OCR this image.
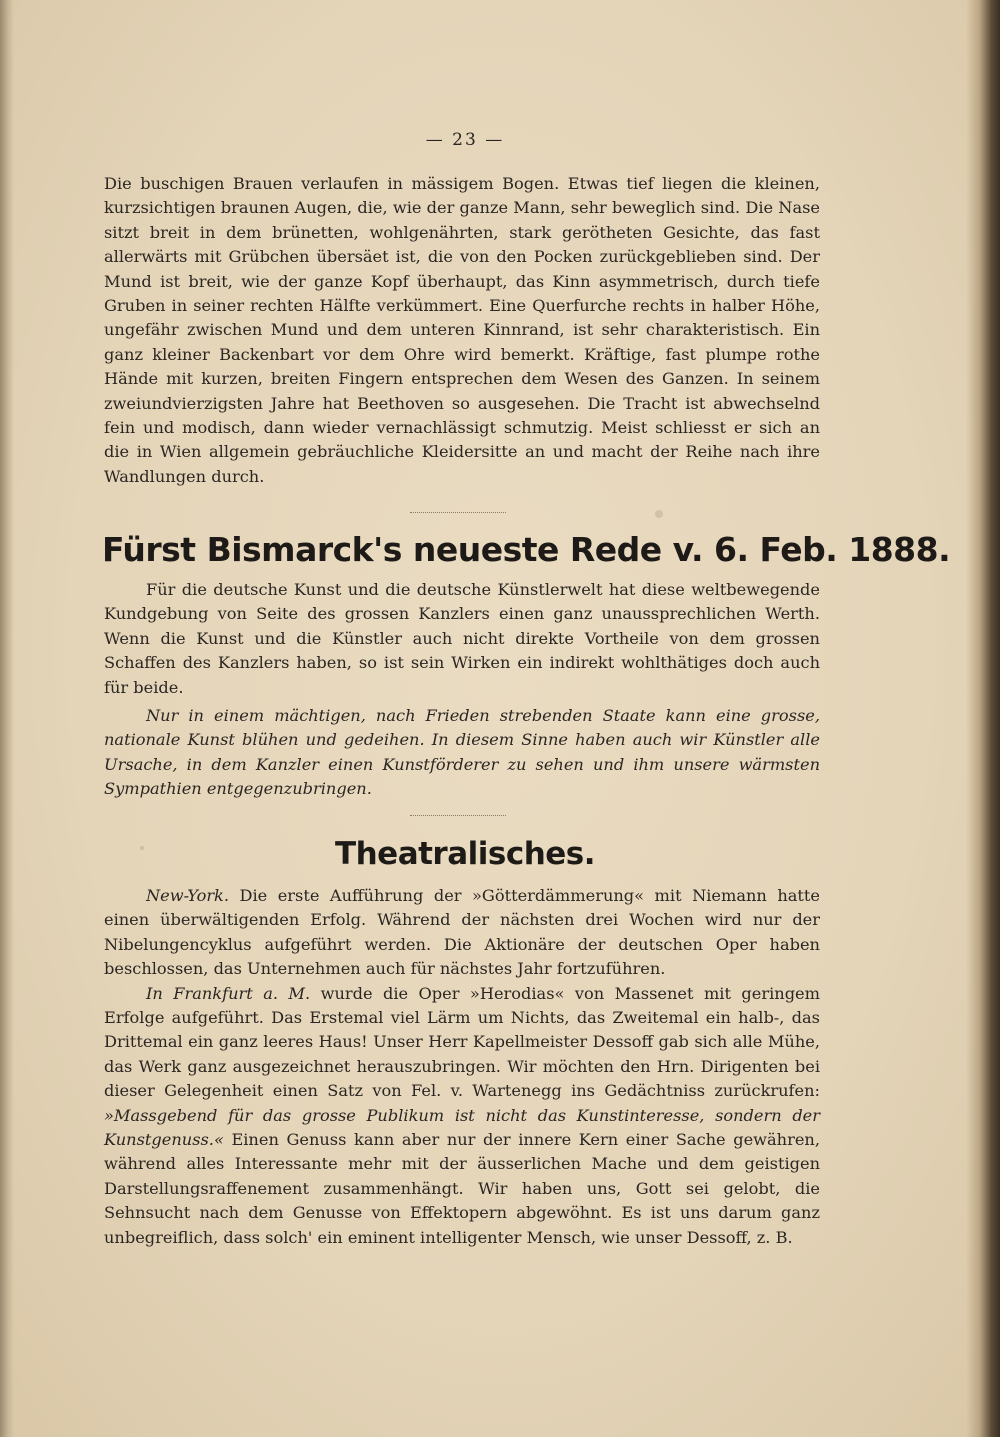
— 23 —

Die buschigen Brauen verlaufen in mässigem Bogen. Etwas tief liegen die kleinen, kurzsichtigen braunen Augen, die, wie der ganze Mann, sehr beweglich sind. Die Nase sitzt breit in dem brünetten, wohlgenährten, stark gerötheten Gesichte, das fast allerwärts mit Grübchen übersäet ist, die von den Pocken zurückgeblieben sind. Der Mund ist breit, wie der ganze Kopf überhaupt, das Kinn asymmetrisch, durch tiefe Gruben in seiner rechten Hälfte verkümmert. Eine Querfurche rechts in halber Höhe, ungefähr zwischen Mund und dem unteren Kinnrand, ist sehr charakteristisch. Ein ganz kleiner Backenbart vor dem Ohre wird bemerkt. Kräftige, fast plumpe rothe Hände mit kurzen, breiten Fingern entsprechen dem Wesen des Ganzen. In seinem zweiundvierzigsten Jahre hat Beethoven so ausgesehen. Die Tracht ist abwechselnd fein und modisch, dann wieder vernachlässigt schmutzig. Meist schliesst er sich an die in Wien allgemein gebräuchliche Kleidersitte an und macht der Reihe nach ihre Wandlungen durch.

Fürst Bismarck's neueste Rede v. 6. Feb. 1888.

Für die deutsche Kunst und die deutsche Künstlerwelt hat diese weltbewegende Kundgebung von Seite des grossen Kanzlers einen ganz unaussprechlichen Werth. Wenn die Kunst und die Künstler auch nicht direkte Vortheile von dem grossen Schaffen des Kanzlers haben, so ist sein Wirken ein indirekt wohlthätiges doch auch für beide.

Nur in einem mächtigen, nach Frieden strebenden Staate kann eine grosse, nationale Kunst blühen und gedeihen. In diesem Sinne haben auch wir Künstler alle Ursache, in dem Kanzler einen Kunstförderer zu sehen und ihm unsere wärmsten Sympathien entgegenzubringen.

Theatralisches.

New-York. Die erste Aufführung der »Götterdämmerung« mit Niemann hatte einen überwältigenden Erfolg. Während der nächsten drei Wochen wird nur der Nibelungencyklus aufgeführt werden. Die Aktionäre der deutschen Oper haben beschlossen, das Unternehmen auch für nächstes Jahr fortzuführen.

In Frankfurt a. M. wurde die Oper »Herodias« von Massenet mit geringem Erfolge aufgeführt. Das Erstemal viel Lärm um Nichts, das Zweitemal ein halb-, das Drittemal ein ganz leeres Haus! Unser Herr Kapellmeister Dessoff gab sich alle Mühe, das Werk ganz ausgezeichnet herauszubringen. Wir möchten den Hrn. Dirigenten bei dieser Gelegenheit einen Satz von Fel. v. Wartenegg ins Gedächtniss zurückrufen: »Massgebend für das grosse Publikum ist nicht das Kunstinteresse, sondern der Kunstgenuss.« Einen Genuss kann aber nur der innere Kern einer Sache gewähren, während alles Interessante mehr mit der äusserlichen Mache und dem geistigen Darstellungsraffenement zusammenhängt. Wir haben uns, Gott sei gelobt, die Sehnsucht nach dem Genusse von Effektopern abgewöhnt. Es ist uns darum ganz unbegreiflich, dass solch' ein eminent intelligenter Mensch, wie unser Dessoff, z. B.
